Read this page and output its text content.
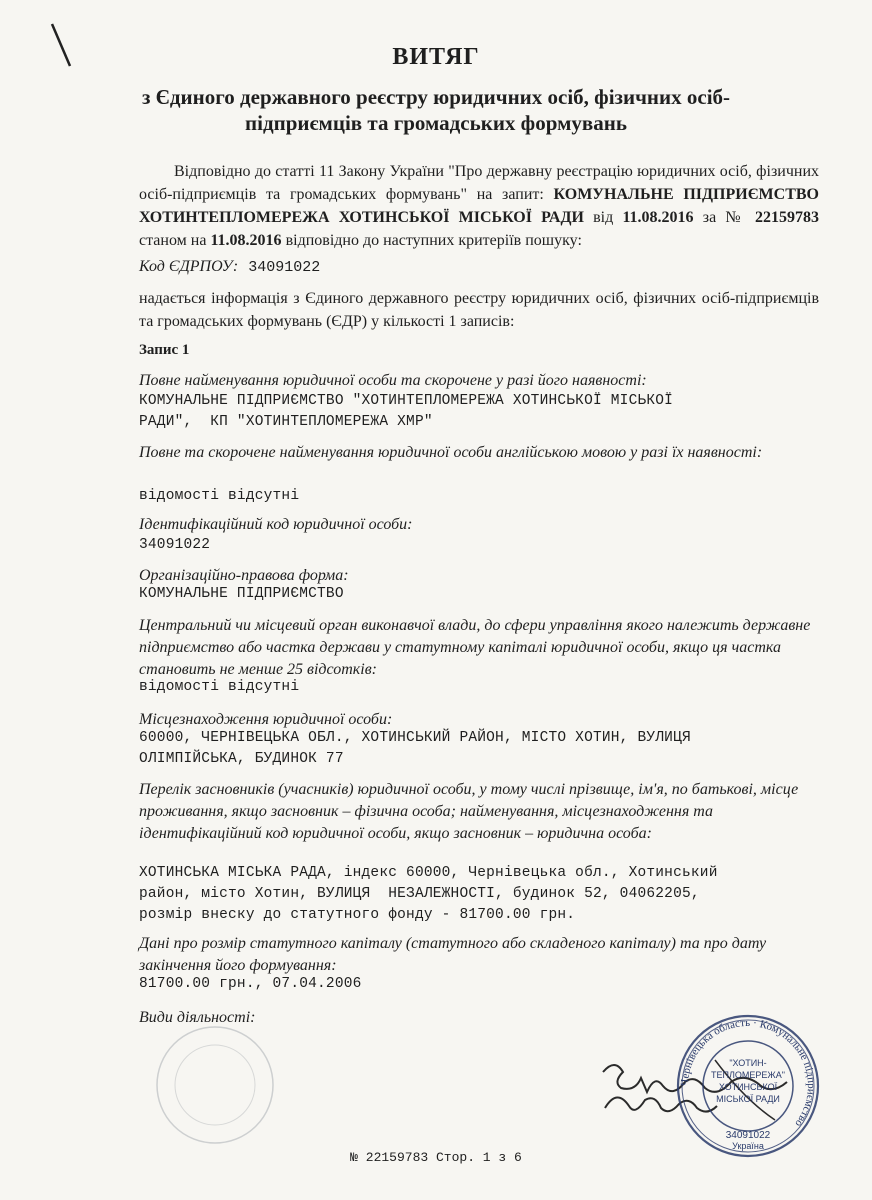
ВИТЯГ
з Єдиного державного реєстру юридичних осіб, фізичних осіб-підприємців та громадських формувань
Відповідно до статті 11 Закону України "Про державну реєстрацію юридичних осіб, фізичних осіб-підприємців та громадських формувань" на запит: КОМУНАЛЬНЕ ПІДПРИЄМСТВО ХОТИНТЕПЛОМЕРЕЖА ХОТИНСЬКОЇ МІСЬКОЇ РАДИ від 11.08.2016 за № 22159783 станом на 11.08.2016 відповідно до наступних критеріїв пошуку:
Код ЄДРПОУ: 34091022
надається інформація з Єдиного державного реєстру юридичних осіб, фізичних осіб-підприємців та громадських формувань (ЄДР) у кількості 1 записів:
Запис 1
Повне найменування юридичної особи та скорочене у разі його наявності:
КОМУНАЛЬНЕ ПІДПРИЄМСТВО "ХОТИНТЕПЛОМЕРЕЖА ХОТИНСЬКОЇ МІСЬКОЇ
РАДИ",  КП "ХОТИНТЕПЛОМЕРЕЖА ХМР"
Повне та скорочене найменування юридичної особи англійською мовою у разі їх наявності:
відомості відсутні
Ідентифікаційний код юридичної особи:
34091022
Організаційно-правова форма:
КОМУНАЛЬНЕ ПІДПРИЄМСТВО
Центральний чи місцевий орган виконавчої влади, до сфери управління якого належить державне підприємство або частка держави у статутному капіталі юридичної особи, якщо ця частка становить не менше 25 відсотків:
відомості відсутні
Місцезнаходження юридичної особи:
60000, ЧЕРНІВЕЦЬКА ОБЛ., ХОТИНСЬКИЙ РАЙОН, МІСТО ХОТИН, ВУЛИЦЯ
ОЛІМПІЙСЬКА, БУДИНОК 77
Перелік засновників (учасників) юридичної особи, у тому числі прізвище, ім'я, по батькові, місце проживання, якщо засновник – фізична особа; найменування, місцезнаходження та ідентифікаційний код юридичної особи, якщо засновник – юридична особа:
ХОТИНСЬКА МІСЬКА РАДА, індекс 60000, Чернівецька обл., Хотинський
район, місто Хотин, ВУЛИЦЯ  НЕЗАЛЕЖНОСТІ, будинок 52, 04062205,
розмір внеску до статутного фонду - 81700.00 грн.
Дані про розмір статутного капіталу (статутного або складеного капіталу) та про дату закінчення його формування:
81700.00 грн., 07.04.2006
Види діяльності:
Чернівецька область · Комунальне підприємство
"ХОТИН-
ТЕПЛОМЕРЕЖА"
ХОТИНСЬКОЇ
МІСЬКОЇ РАДИ
34091022
Україна
№ 22159783 Стор. 1 з 6
